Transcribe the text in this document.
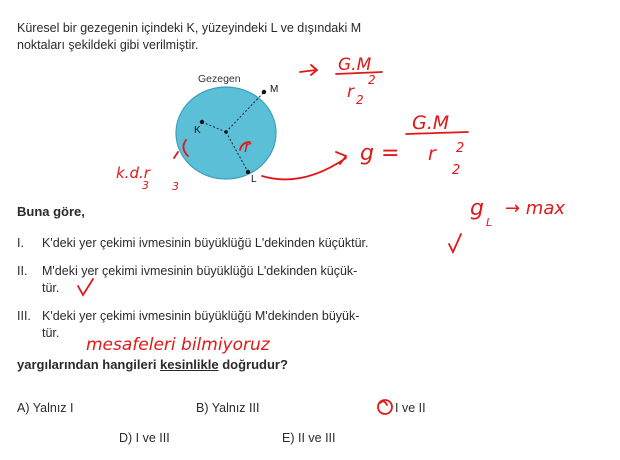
Küresel bir gezegenin içindeki K, yüzeyindeki L ve dışındaki M
noktaları şekildeki gibi verilmiştir.
Gezegen
K
L
M
r
G.M
r 2
2
g =
G.M
r
2
2
k.d.r
3 3
g
L
→ max
mesafeleri bilmiyoruz
Buna göre,
I. K'deki yer çekimi ivmesinin büyüklüğü L'dekinden küçüktür.
II. M'deki yer çekimi ivmesinin büyüklüğü L'dekinden küçük-
tür.
III. K'deki yer çekimi ivmesinin büyüklüğü M'dekinden büyük-
tür.
yargılarından hangileri kesinlikle doğrudur?
A) Yalnız I	B) Yalnız III	I ve II
D) I ve III	E) II ve III
